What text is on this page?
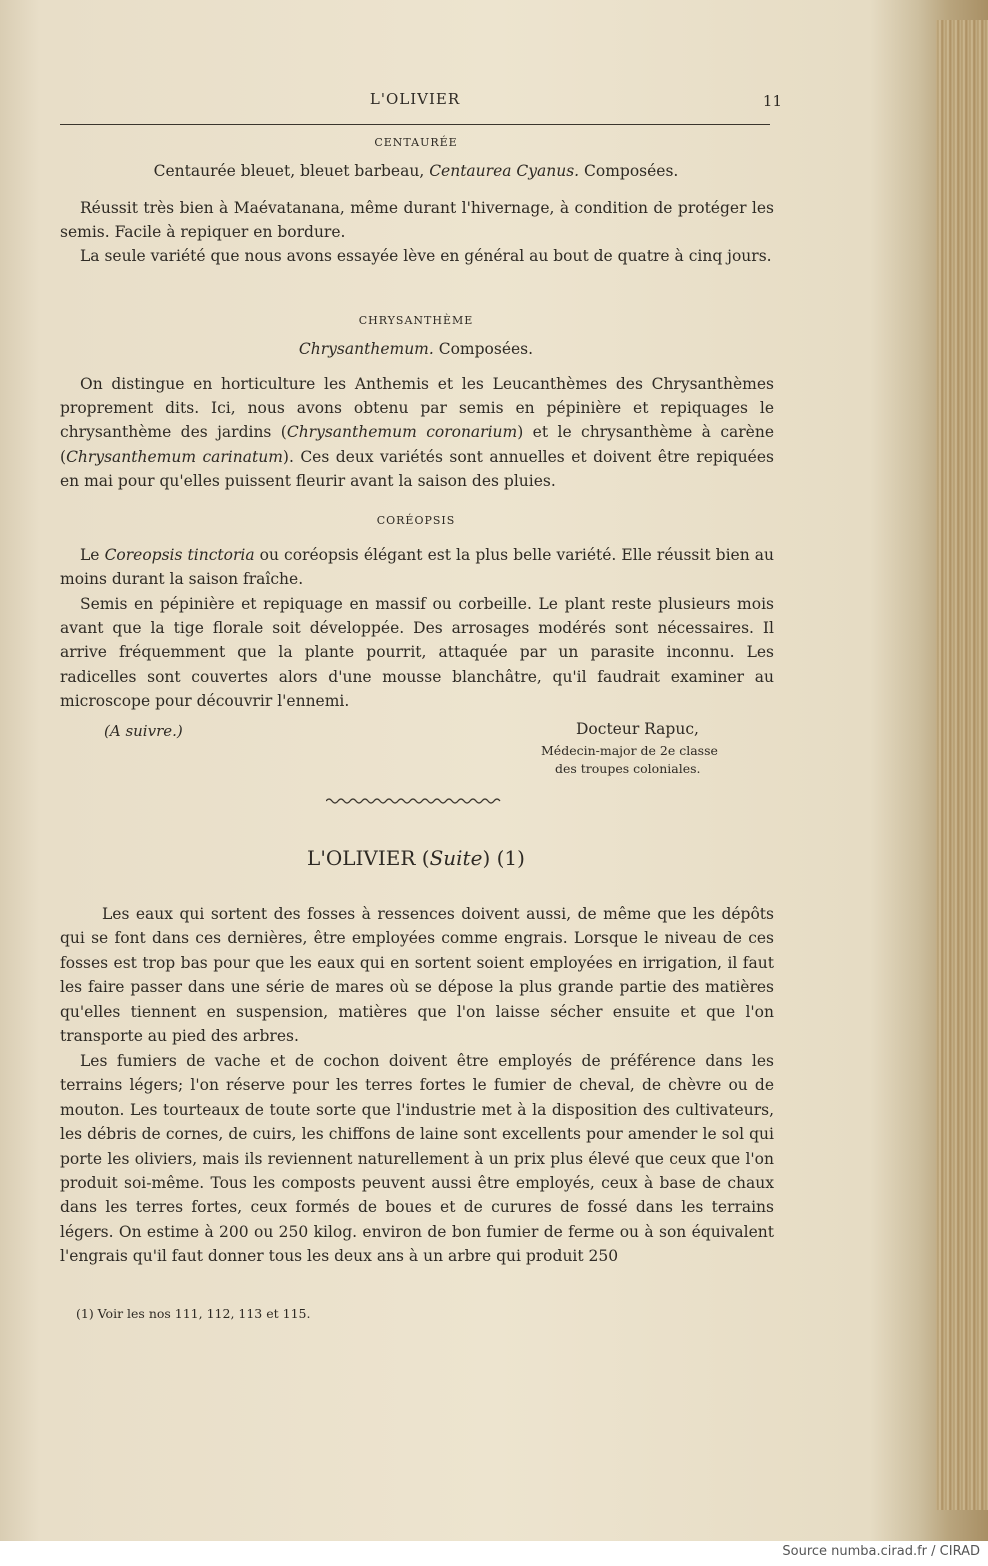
L'OLIVIER	11
CENTAURÉE
Centaurée bleuet, bleuet barbeau, Centaurea Cyanus. Composées.

Réussit très bien à Maévatanana, même durant l'hivernage, à condition de protéger les semis. Facile à repiquer en bordure.

La seule variété que nous avons essayée lève en général au bout de quatre à cinq jours.

CHRYSANTHÈME
Chrysanthemum. Composées.

On distingue en horticulture les Anthemis et les Leucanthèmes des Chrysanthèmes proprement dits. Ici, nous avons obtenu par semis en pépinière et repiquages le chrysanthème des jardins (Chrysanthemum coronarium) et le chrysanthème à carène (Chrysanthemum carinatum). Ces deux variétés sont annuelles et doivent être repiquées en mai pour qu'elles puissent fleurir avant la saison des pluies.

CORÉOPSIS

Le Coreopsis tinctoria ou coréopsis élégant est la plus belle variété. Elle réussit bien au moins durant la saison fraîche.

Semis en pépinière et repiquage en massif ou corbeille. Le plant reste plusieurs mois avant que la tige florale soit développée. Des arrosages modérés sont nécessaires. Il arrive fréquemment que la plante pourrit, attaquée par un parasite inconnu. Les radicelles sont couvertes alors d'une mousse blanchâtre, qu'il faudrait examiner au microscope pour découvrir l'ennemi.

(A suivre.)	Docteur Rapuc,
Médecin-major de 2e classe
des troupes coloniales.
L'OLIVIER (Suite) (1)

Les eaux qui sortent des fosses à ressences doivent aussi, de même que les dépôts qui se font dans ces dernières, être employées comme engrais. Lorsque le niveau de ces fosses est trop bas pour que les eaux qui en sortent soient employées en irrigation, il faut les faire passer dans une série de mares où se dépose la plus grande partie des matières qu'elles tiennent en suspension, matières que l'on laisse sécher ensuite et que l'on transporte au pied des arbres.

Les fumiers de vache et de cochon doivent être employés de préférence dans les terrains légers; l'on réserve pour les terres fortes le fumier de cheval, de chèvre ou de mouton. Les tourteaux de toute sorte que l'industrie met à la disposition des cultivateurs, les débris de cornes, de cuirs, les chiffons de laine sont excellents pour amender le sol qui porte les oliviers, mais ils reviennent naturellement à un prix plus élevé que ceux que l'on produit soi-même. Tous les composts peuvent aussi être employés, ceux à base de chaux dans les terres fortes, ceux formés de boues et de curures de fossé dans les terrains légers. On estime à 200 ou 250 kilog. environ de bon fumier de ferme ou à son équivalent l'engrais qu'il faut donner tous les deux ans à un arbre qui produit 250

(1) Voir les nos 111, 112, 113 et 115.
Source numba.cirad.fr / CIRAD
